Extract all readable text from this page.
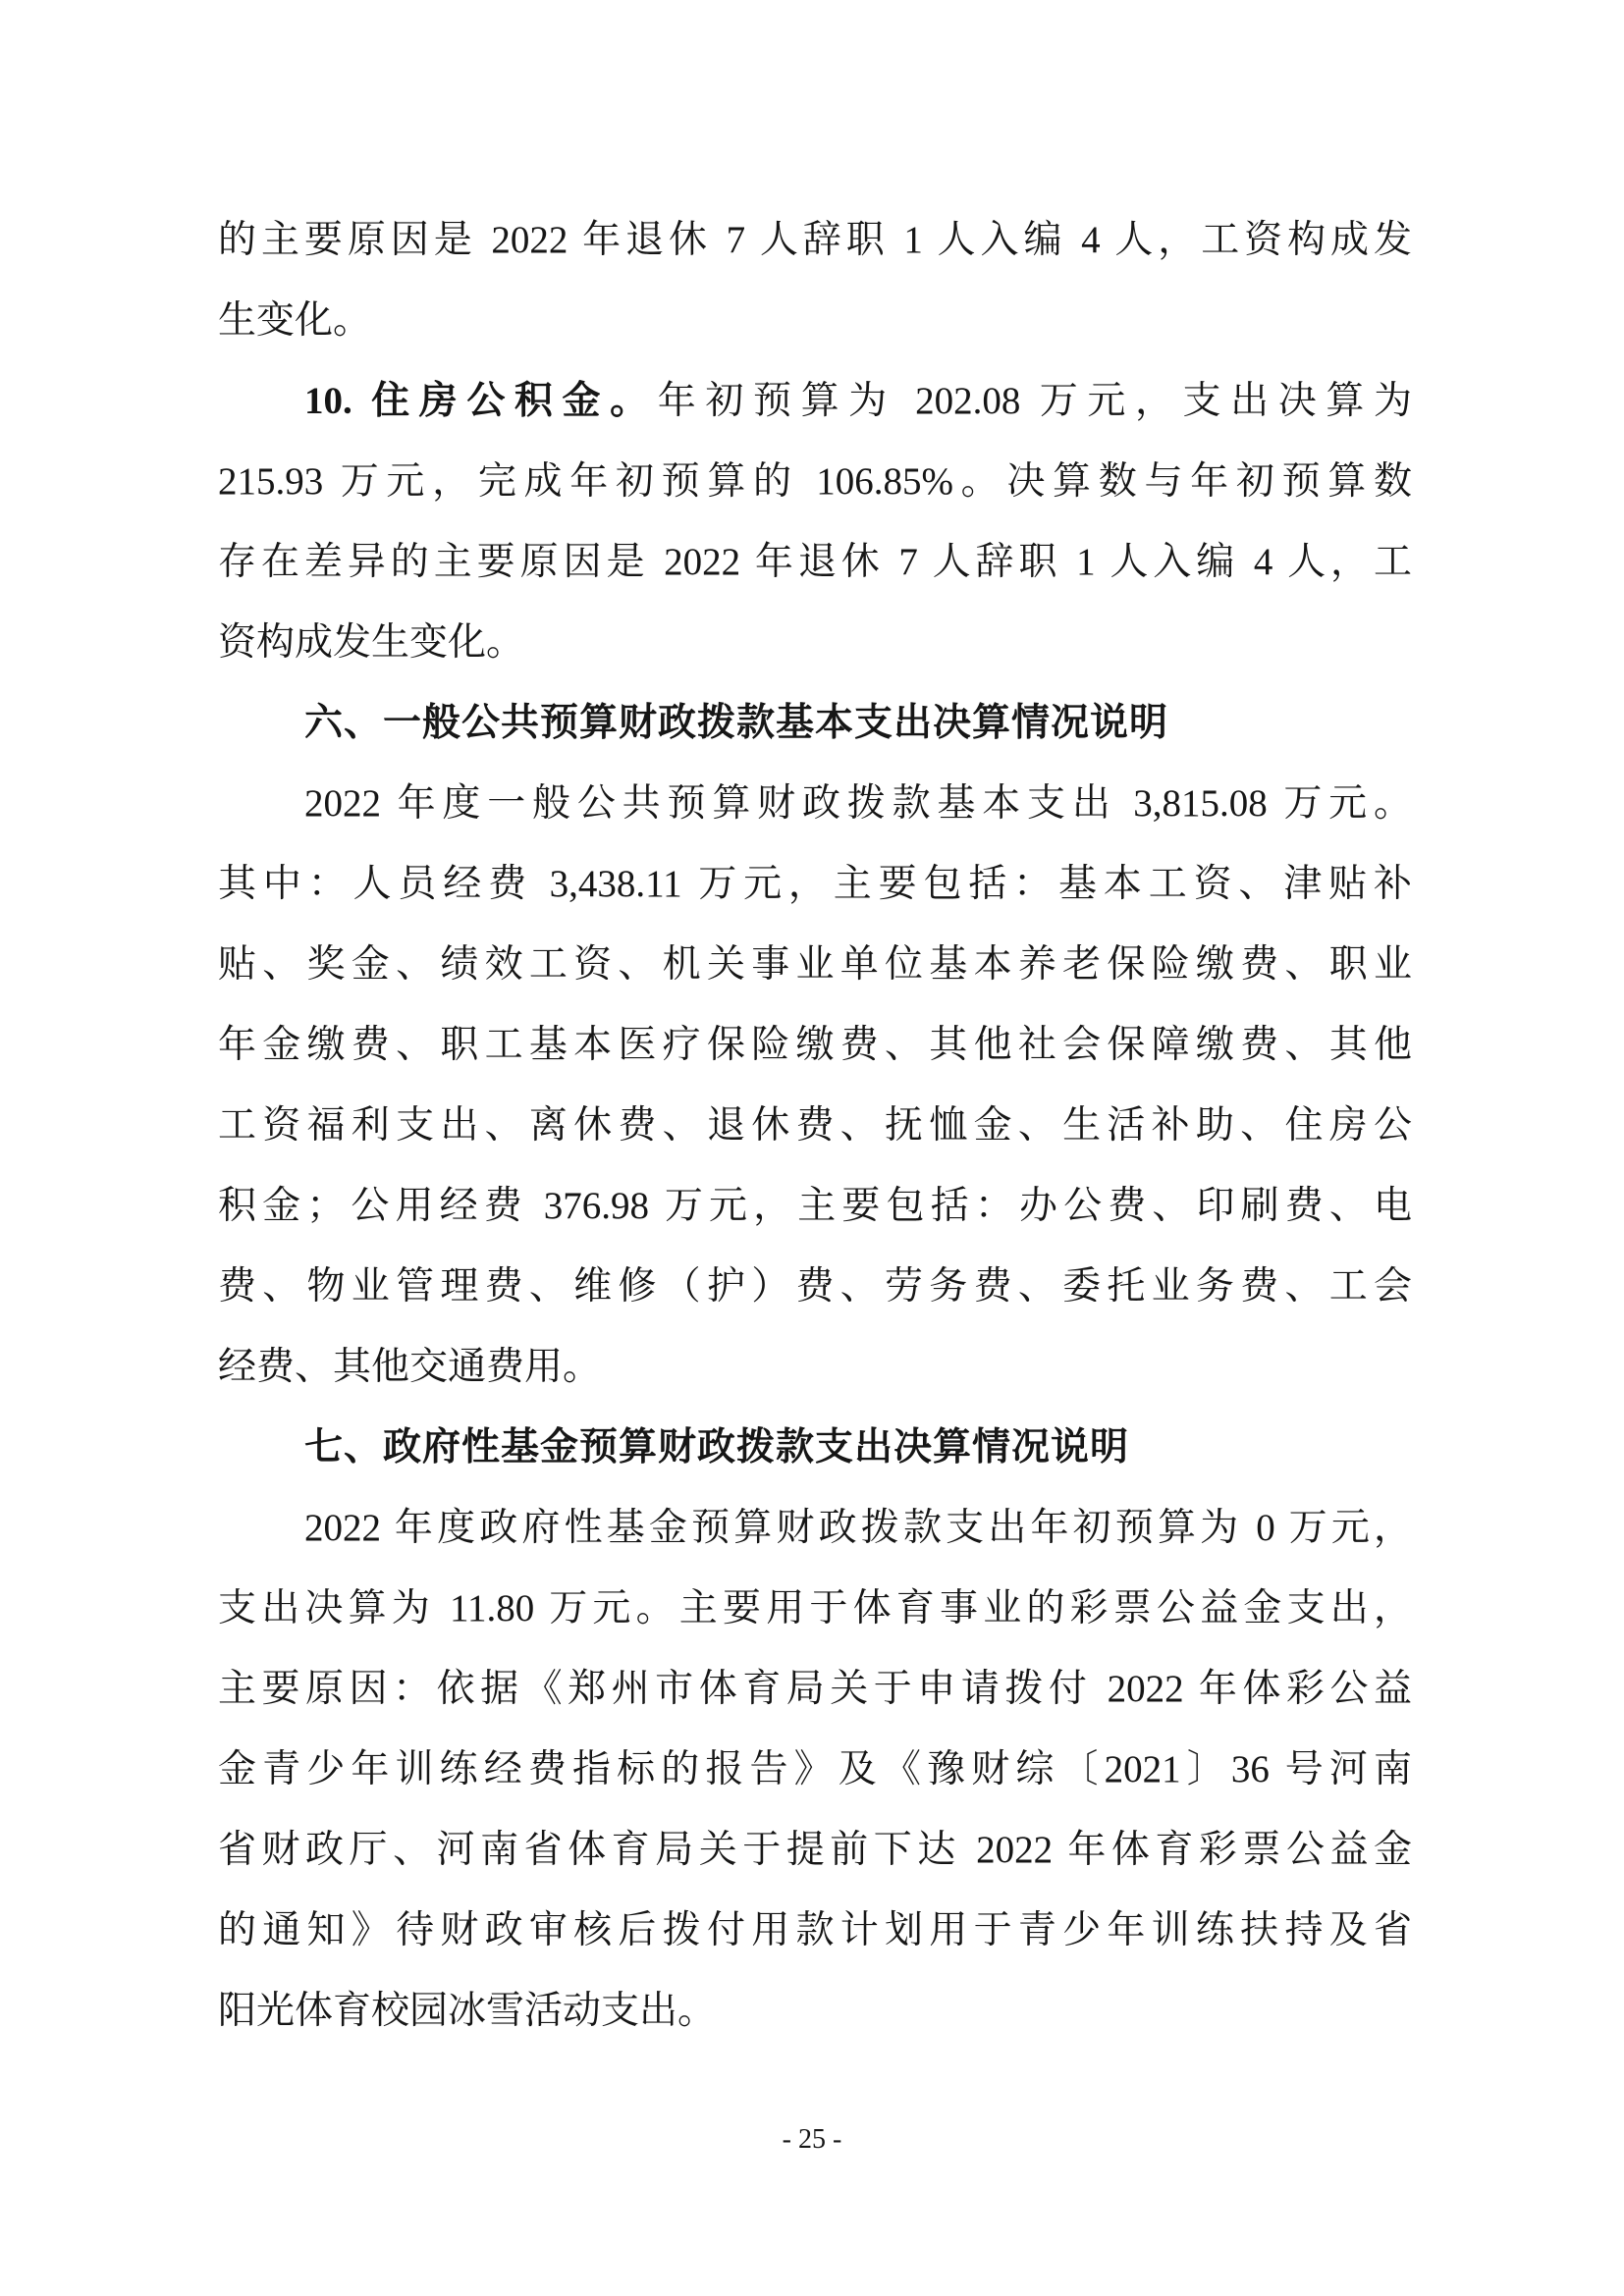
的主要原因是 2022 年退休 7 人辞职 1 人入编 4 人，工资构成发
生变化。
10. 住房公积金。年初预算为 202.08 万元，支出决算为
215.93 万元，完成年初预算的 106.85%。决算数与年初预算数
存在差异的主要原因是 2022 年退休 7 人辞职 1 人入编 4 人，工
资构成发生变化。
六、一般公共预算财政拨款基本支出决算情况说明
2022 年度一般公共预算财政拨款基本支出 3,815.08 万元。
其中：人员经费 3,438.11 万元，主要包括：基本工资、津贴补
贴、奖金、绩效工资、机关事业单位基本养老保险缴费、职业
年金缴费、职工基本医疗保险缴费、其他社会保障缴费、其他
工资福利支出、离休费、退休费、抚恤金、生活补助、住房公
积金；公用经费 376.98 万元，主要包括：办公费、印刷费、电
费、物业管理费、维修（护）费、劳务费、委托业务费、工会
经费、其他交通费用。
七、政府性基金预算财政拨款支出决算情况说明
2022 年度政府性基金预算财政拨款支出年初预算为 0 万元，
支出决算为 11.80 万元。主要用于体育事业的彩票公益金支出，
主要原因：依据《郑州市体育局关于申请拨付 2022 年体彩公益
金青少年训练经费指标的报告》及《豫财综〔2021〕36 号河南
省财政厅、河南省体育局关于提前下达 2022 年体育彩票公益金
的通知》待财政审核后拨付用款计划用于青少年训练扶持及省
阳光体育校园冰雪活动支出。
- 25 -
